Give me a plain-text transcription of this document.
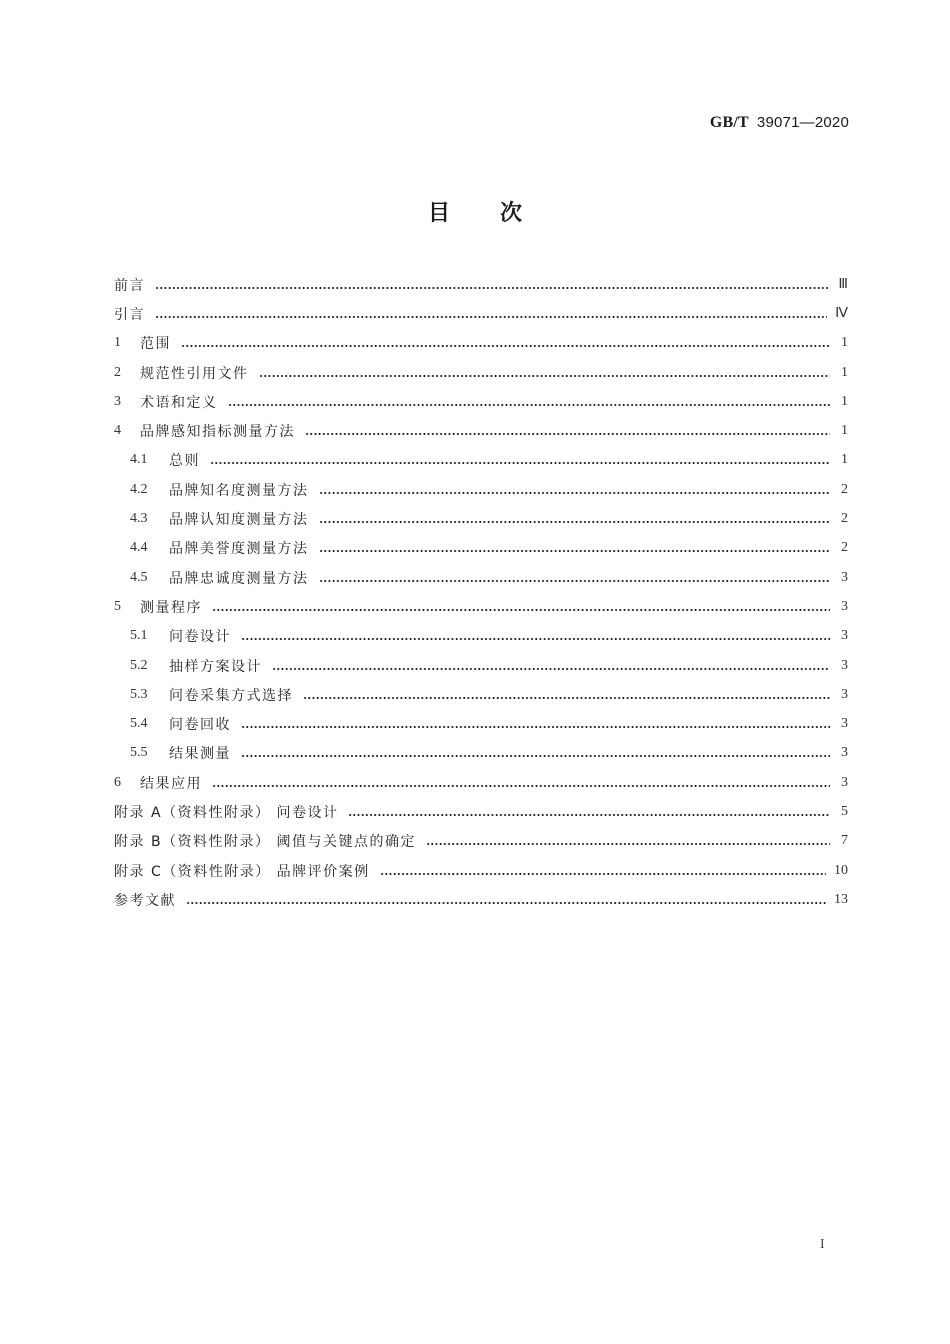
GB/T 39071—2020
目 次
前言	Ⅲ
引言	Ⅳ
1	范围	1
2	规范性引用文件	1
3	术语和定义	1
4	品牌感知指标测量方法	1
4.1	总则	1
4.2	品牌知名度测量方法	2
4.3	品牌认知度测量方法	2
4.4	品牌美誉度测量方法	2
4.5	品牌忠诚度测量方法	3
5	测量程序	3
5.1	问卷设计	3
5.2	抽样方案设计	3
5.3	问卷采集方式选择	3
5.4	问卷回收	3
5.5	结果测量	3
6	结果应用	3
附录 A（资料性附录） 问卷设计	5
附录 B（资料性附录） 阈值与关键点的确定	7
附录 C（资料性附录） 品牌评价案例	10
参考文献	13
I
